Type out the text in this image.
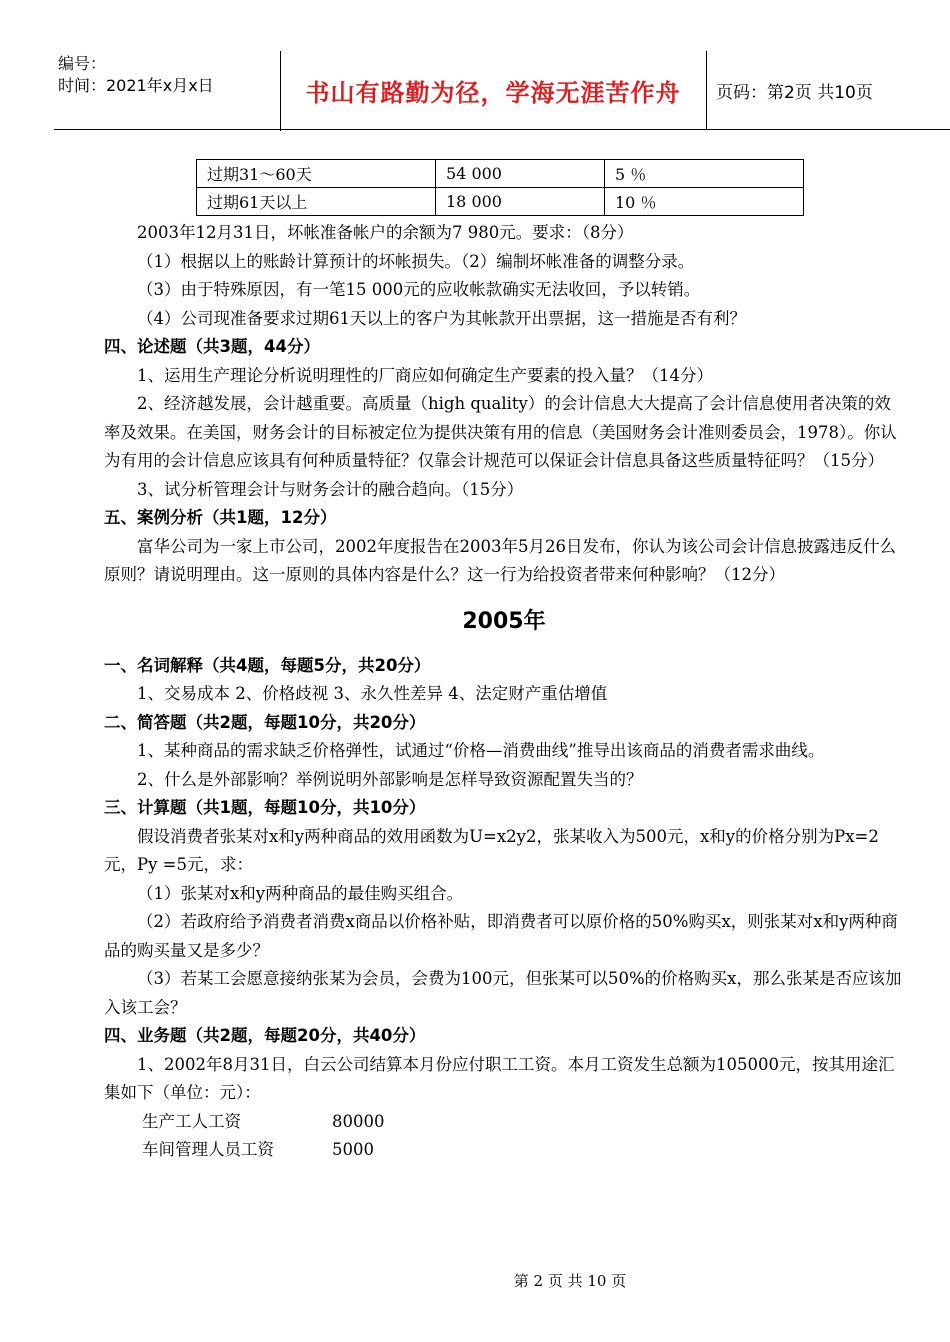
编号：
时间：2021年x月x日	书山有路勤为径，学海无涯苦作舟 页码：第2页 共10页
过期31～60天	54 000	5 ％
过期61天以上	18 000	10 ％
2003年12月31日，坏帐准备帐户的余额为7 980元。要求：（8分）
（1）根据以上的账龄计算预计的坏帐损失。（2）编制坏帐准备的调整分录。
（3）由于特殊原因，有一笔15 000元的应收帐款确实无法收回，予以转销。
（4）公司现准备要求过期61天以上的客户为其帐款开出票据，这一措施是否有利？
四、论述题（共3题，44分）
1、运用生产理论分析说明理性的厂商应如何确定生产要素的投入量？（14分）
2、经济越发展，会计越重要。高质量（high quality）的会计信息大大提高了会计信息使用者决策的效率及效果。在美国，财务会计的目标被定位为提供决策有用的信息（美国财务会计准则委员会，1978）。你认为有用的会计信息应该具有何种质量特征？仅靠会计规范可以保证会计信息具备这些质量特征吗？（15分）
3、试分析管理会计与财务会计的融合趋向。（15分）
五、案例分析（共1题，12分）
富华公司为一家上市公司，2002年度报告在2003年5月26日发布，你认为该公司会计信息披露违反什么原则？请说明理由。这一原则的具体内容是什么？这一行为给投资者带来何种影响？（12分）
2005年
一、名词解释（共4题，每题5分，共20分）
1、交易成本 2、价格歧视 3、永久性差异 4、法定财产重估增值
二、简答题（共2题，每题10分，共20分）
1、某种商品的需求缺乏价格弹性，试通过“价格—消费曲线”推导出该商品的消费者需求曲线。
2、什么是外部影响？举例说明外部影响是怎样导致资源配置失当的？
三、计算题（共1题，每题10分，共10分）
假设消费者张某对x和y两种商品的效用函数为U=x2y2，张某收入为500元，x和y的价格分别为Px=2元，Py =5元，求：
（1）张某对x和y两种商品的最佳购买组合。
（2）若政府给予消费者消费x商品以价格补贴，即消费者可以原价格的50%购买x，则张某对x和y两种商品的购买量又是多少？
（3）若某工会愿意接纳张某为会员，会费为100元，但张某可以50%的价格购买x，那么张某是否应该加入该工会？
四、业务题（共2题，每题20分，共40分）
1、2002年8月31日，白云公司结算本月份应付职工工资。本月工资发生总额为105000元，按其用途汇集如下（单位：元）：
生产工人工资	80000
车间管理人员工资	5000
第 2 页 共 10 页
